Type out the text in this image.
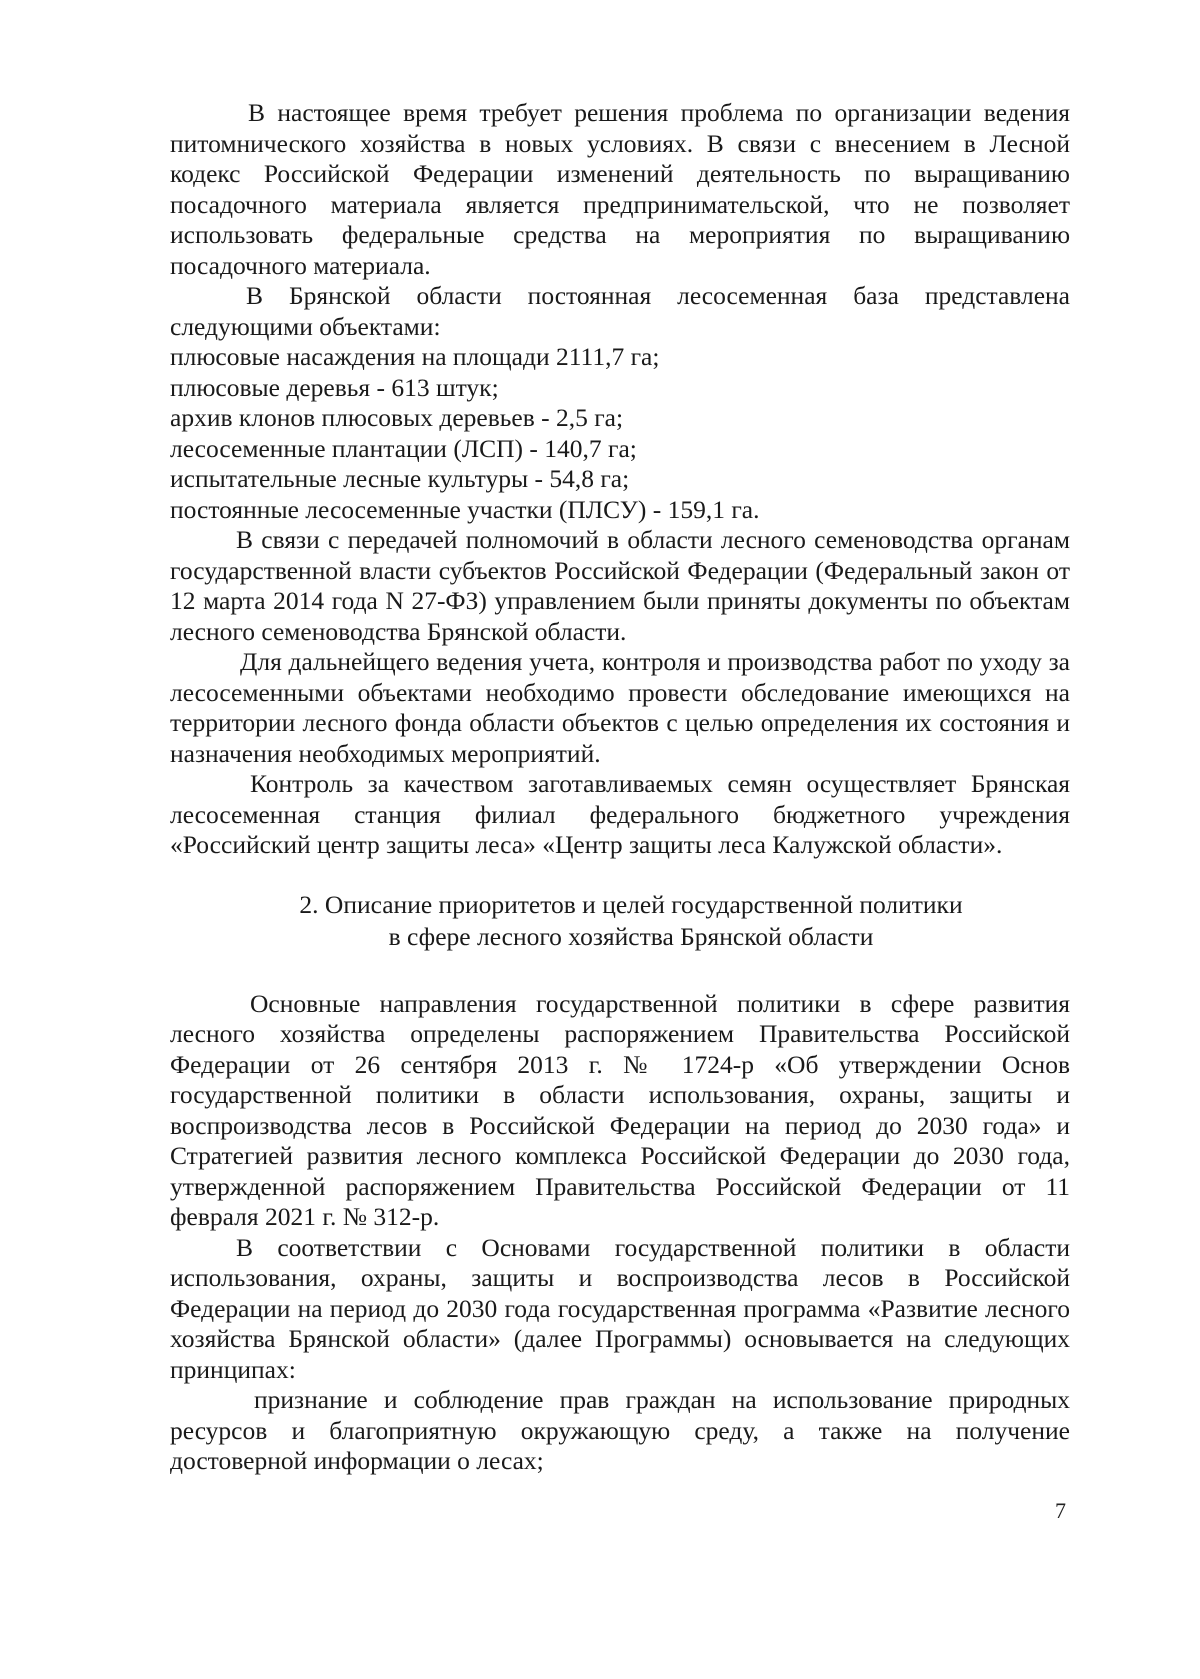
В настоящее время требует решения проблема по организации ведения питомнического хозяйства в новых условиях. В связи с внесением в Лесной кодекс Российской Федерации изменений деятельность по выращиванию посадочного материала является предпринимательской, что не позволяет использовать федеральные средства на мероприятия по выращиванию посадочного материала.

В Брянской области постоянная лесосеменная база представлена следующими объектами:

плюсовые насаждения на площади 2111,7 га;

плюсовые деревья - 613 штук;

архив клонов плюсовых деревьев - 2,5 га;

лесосеменные плантации (ЛСП) - 140,7 га;

испытательные лесные культуры - 54,8 га;

постоянные лесосеменные участки (ПЛСУ) - 159,1 га.

В связи с передачей полномочий в области лесного семеноводства органам государственной власти субъектов Российской Федерации (Федеральный закон от 12 марта 2014 года N 27-ФЗ) управлением были приняты документы по объектам лесного семеноводства Брянской области.

Для дальнейщего ведения учета, контроля и производства работ по уходу за лесосеменными объектами необходимо провести обследование имеющихся на территории лесного фонда области объектов с целью определения их состояния и назначения необходимых мероприятий.

Контроль за качеством заготавливаемых семян осуществляет Брянская лесосеменная станция филиал федерального бюджетного учреждения «Российский центр защиты леса» «Центр защиты леса Калужской области».

2. Описание приоритетов и целей государственной политики
в сфере лесного хозяйства Брянской области

Основные направления государственной политики в сфере развития лесного хозяйства определены распоряжением Правительства Российской Федерации от 26 сентября 2013 г. № 1724-р «Об утверждении Основ государственной политики в области использования, охраны, защиты и воспроизводства лесов в Российской Федерации на период до 2030 года» и Стратегией развития лесного комплекса Российской Федерации до 2030 года, утвержденной распоряжением Правительства Российской Федерации от 11 февраля 2021 г. № 312-р.

В соответствии с Основами государственной политики в области использования, охраны, защиты и воспроизводства лесов в Российской Федерации на период до 2030 года государственная программа «Развитие лесного хозяйства Брянской области» (далее Программы) основывается на следующих принципах:

признание и соблюдение прав граждан на использование природных ресурсов и благоприятную окружающую среду, а также на получение достоверной информации о лесах;

7
